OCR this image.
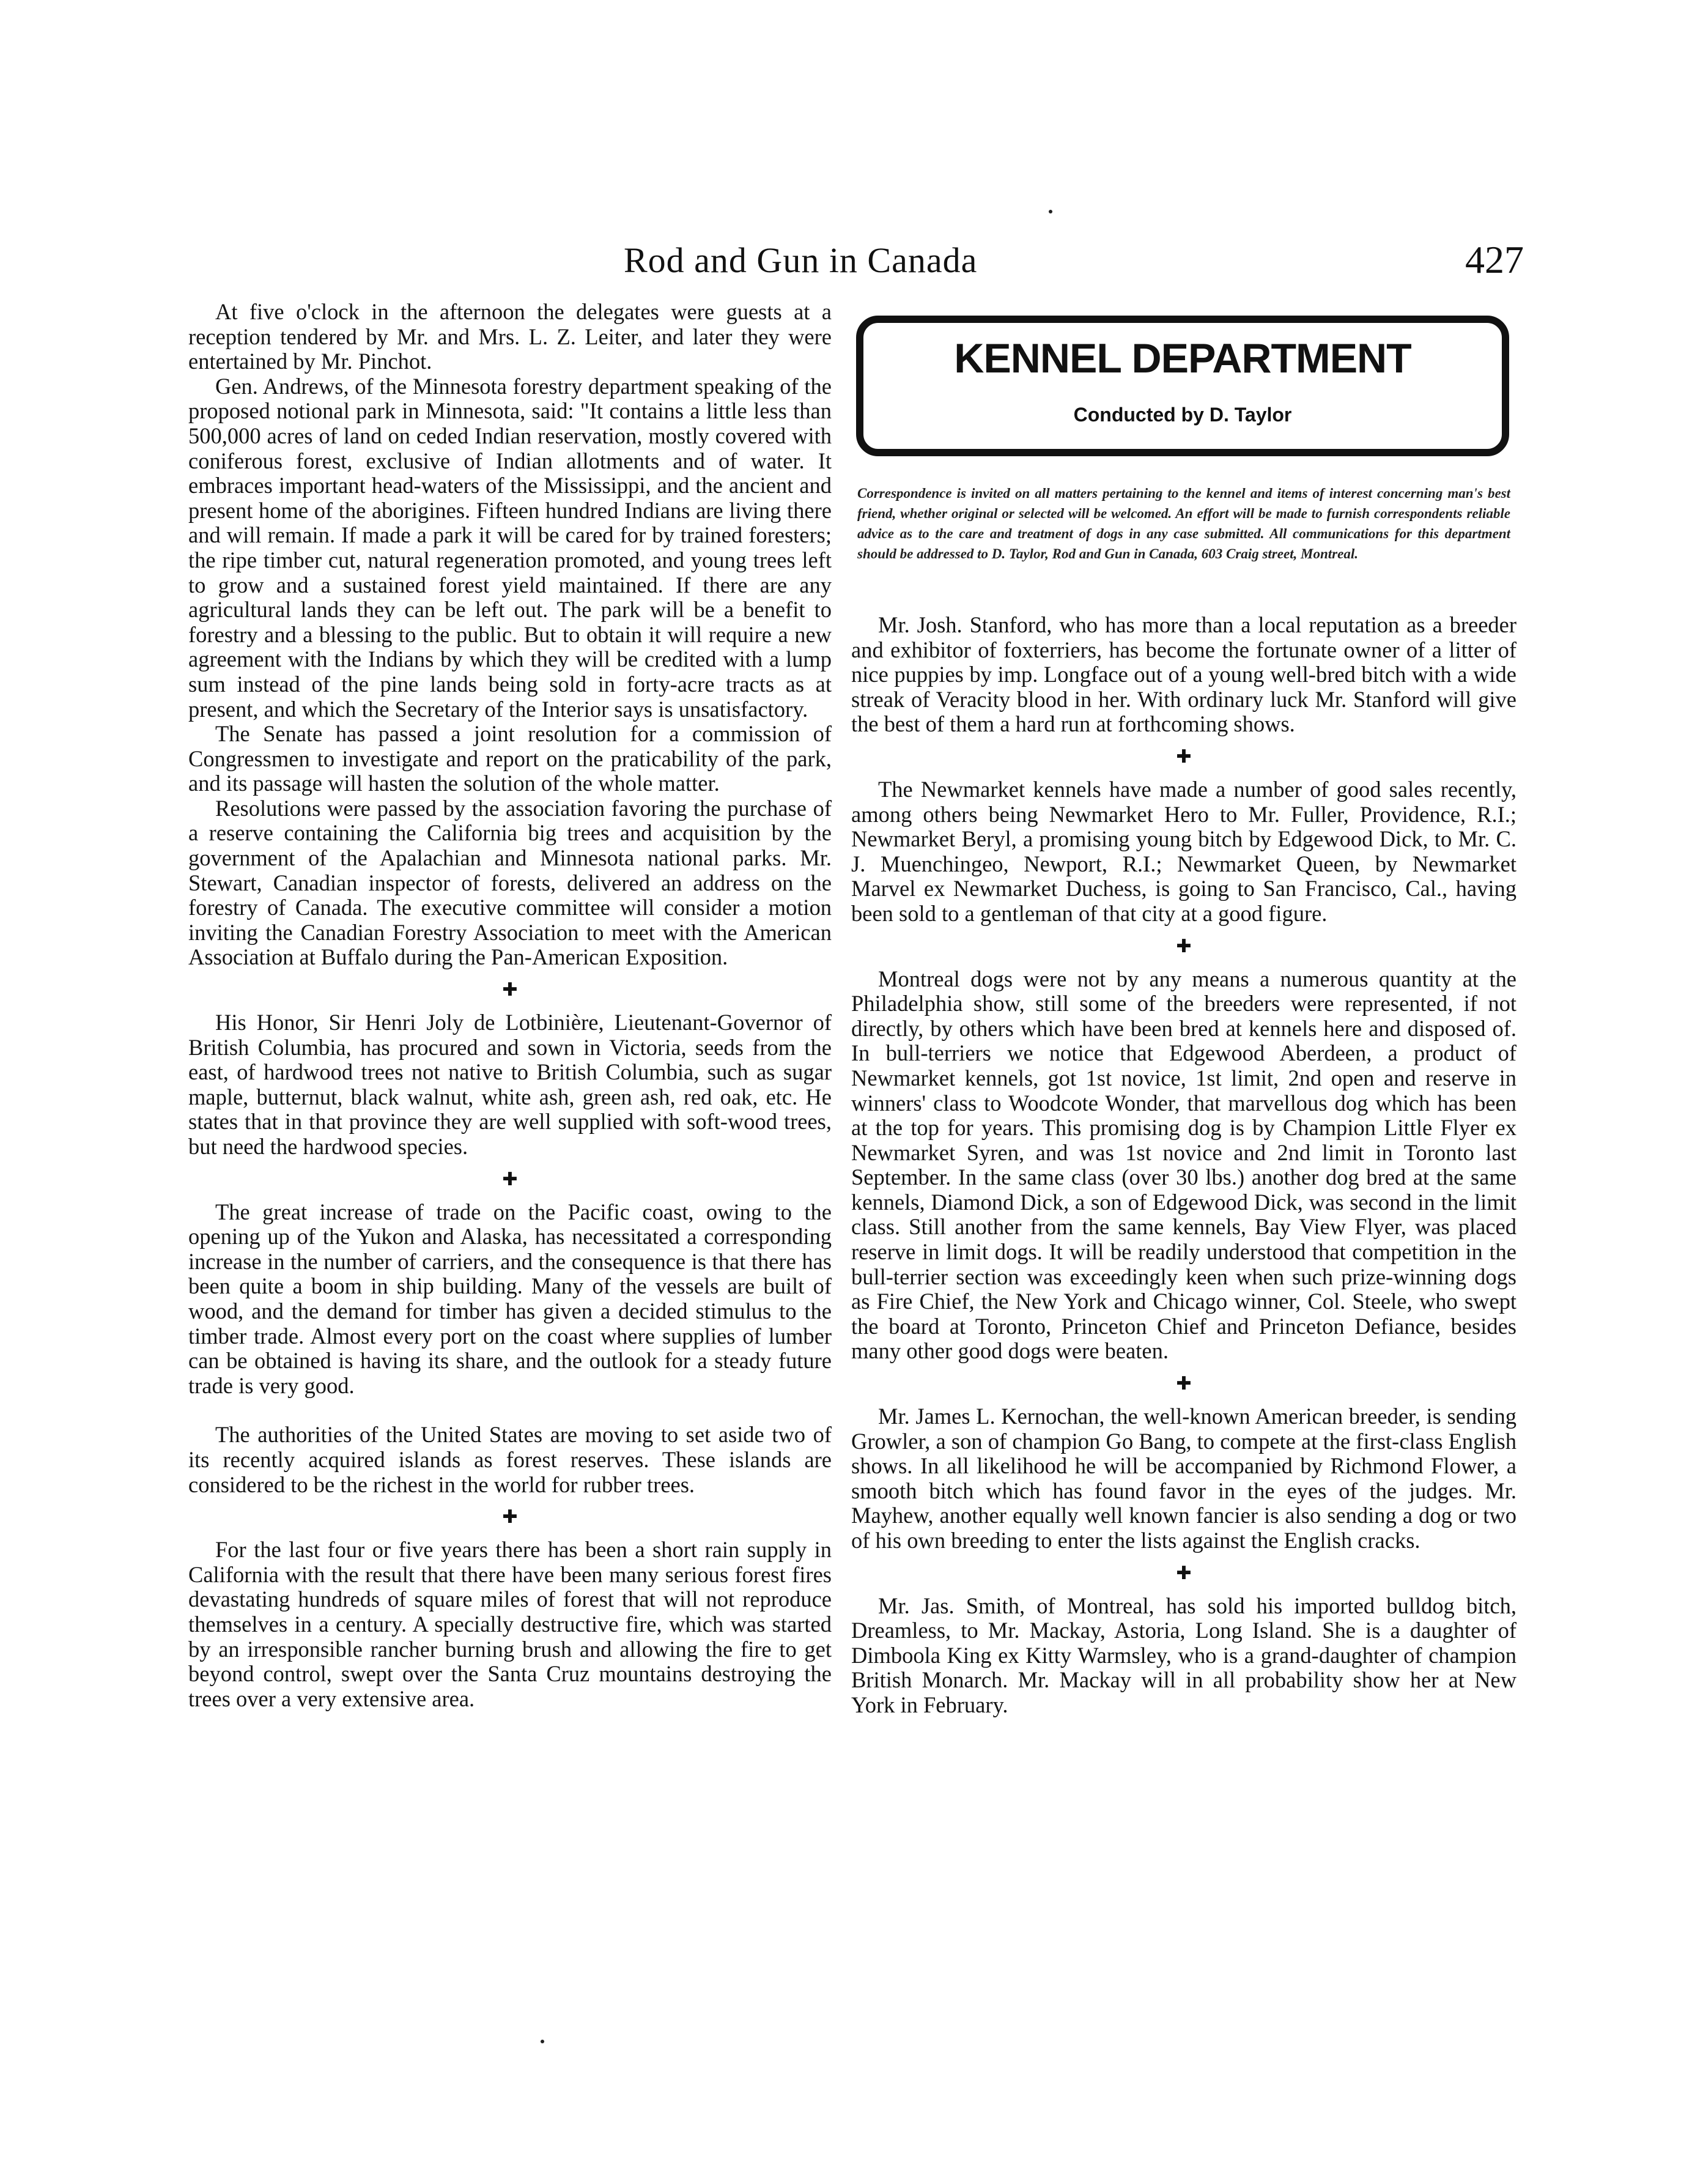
Rod and Gun in Canada	427

At five o'clock in the afternoon the delegates were guests at a reception tendered by Mr. and Mrs. L. Z. Leiter, and later they were entertained by Mr. Pinchot.

Gen. Andrews, of the Minnesota forestry department speaking of the proposed notional park in Minnesota, said: "It contains a little less than 500,000 acres of land on ceded Indian reservation, mostly covered with coniferous forest, exclusive of Indian allotments and of water. It embraces important head-waters of the Mississippi, and the ancient and present home of the aborigines. Fifteen hundred Indians are living there and will remain. If made a park it will be cared for by trained foresters; the ripe timber cut, natural regeneration promoted, and young trees left to grow and a sustained forest yield maintained. If there are any agricultural lands they can be left out. The park will be a benefit to forestry and a blessing to the public. But to obtain it will require a new agreement with the Indians by which they will be credited with a lump sum instead of the pine lands being sold in forty-acre tracts as at present, and which the Secretary of the Interior says is unsatisfactory.

The Senate has passed a joint resolution for a commission of Congressmen to investigate and report on the praticability of the park, and its passage will hasten the solution of the whole matter.

Resolutions were passed by the association favoring the purchase of a reserve containing the California big trees and acquisition by the government of the Apalachian and Minnesota national parks. Mr. Stewart, Canadian inspector of forests, delivered an address on the forestry of Canada. The executive committee will consider a motion inviting the Canadian Forestry Association to meet with the American Association at Buffalo during the Pan-American Exposition.

✚

His Honor, Sir Henri Joly de Lotbinière, Lieutenant-Governor of British Columbia, has procured and sown in Victoria, seeds from the east, of hardwood trees not native to British Columbia, such as sugar maple, butternut, black walnut, white ash, green ash, red oak, etc. He states that in that province they are well supplied with soft-wood trees, but need the hardwood species.

✚

The great increase of trade on the Pacific coast, owing to the opening up of the Yukon and Alaska, has necessitated a corresponding increase in the number of carriers, and the consequence is that there has been quite a boom in ship building. Many of the vessels are built of wood, and the demand for timber has given a decided stimulus to the timber trade. Almost every port on the coast where supplies of lumber can be obtained is having its share, and the outlook for a steady future trade is very good.

The authorities of the United States are moving to set aside two of its recently acquired islands as forest reserves. These islands are considered to be the richest in the world for rubber trees.

✚

For the last four or five years there has been a short rain supply in California with the result that there have been many serious forest fires devastating hundreds of square miles of forest that will not reproduce themselves in a century. A specially destructive fire, which was started by an irresponsible rancher burning brush and allowing the fire to get beyond control, swept over the Santa Cruz mountains destroying the trees over a very extensive area.

KENNEL DEPARTMENT
Conducted by D. Taylor
Correspondence is invited on all matters pertaining to the kennel and items of interest concerning man's best friend, whether original or selected will be welcomed. An effort will be made to furnish correspondents reliable advice as to the care and treatment of dogs in any case submitted. All communications for this department should be addressed to D. Taylor, Rod and Gun in Canada, 603 Craig street, Montreal.

Mr. Josh. Stanford, who has more than a local reputation as a breeder and exhibitor of foxterriers, has become the fortunate owner of a litter of nice puppies by imp. Longface out of a young well-bred bitch with a wide streak of Veracity blood in her. With ordinary luck Mr. Stanford will give the best of them a hard run at forthcoming shows.

✚

The Newmarket kennels have made a number of good sales recently, among others being Newmarket Hero to Mr. Fuller, Providence, R.I.; Newmarket Beryl, a promising young bitch by Edgewood Dick, to Mr. C. J. Muenchingeo, Newport, R.I.; Newmarket Queen, by Newmarket Marvel ex Newmarket Duchess, is going to San Francisco, Cal., having been sold to a gentleman of that city at a good figure.

✚

Montreal dogs were not by any means a numerous quantity at the Philadelphia show, still some of the breeders were represented, if not directly, by others which have been bred at kennels here and disposed of. In bull-terriers we notice that Edgewood Aberdeen, a product of Newmarket kennels, got 1st novice, 1st limit, 2nd open and reserve in winners' class to Woodcote Wonder, that marvellous dog which has been at the top for years. This promising dog is by Champion Little Flyer ex Newmarket Syren, and was 1st novice and 2nd limit in Toronto last September. In the same class (over 30 lbs.) another dog bred at the same kennels, Diamond Dick, a son of Edgewood Dick, was second in the limit class. Still another from the same kennels, Bay View Flyer, was placed reserve in limit dogs. It will be readily understood that competition in the bull-terrier section was exceedingly keen when such prize-winning dogs as Fire Chief, the New York and Chicago winner, Col. Steele, who swept the board at Toronto, Princeton Chief and Princeton Defiance, besides many other good dogs were beaten.

✚

Mr. James L. Kernochan, the well-known American breeder, is sending Growler, a son of champion Go Bang, to compete at the first-class English shows. In all likelihood he will be accompanied by Richmond Flower, a smooth bitch which has found favor in the eyes of the judges. Mr. Mayhew, another equally well known fancier is also sending a dog or two of his own breeding to enter the lists against the English cracks.

✚

Mr. Jas. Smith, of Montreal, has sold his imported bulldog bitch, Dreamless, to Mr. Mackay, Astoria, Long Island. She is a daughter of Dimboola King ex Kitty Warmsley, who is a grand-daughter of champion British Monarch. Mr. Mackay will in all probability show her at New York in February.
